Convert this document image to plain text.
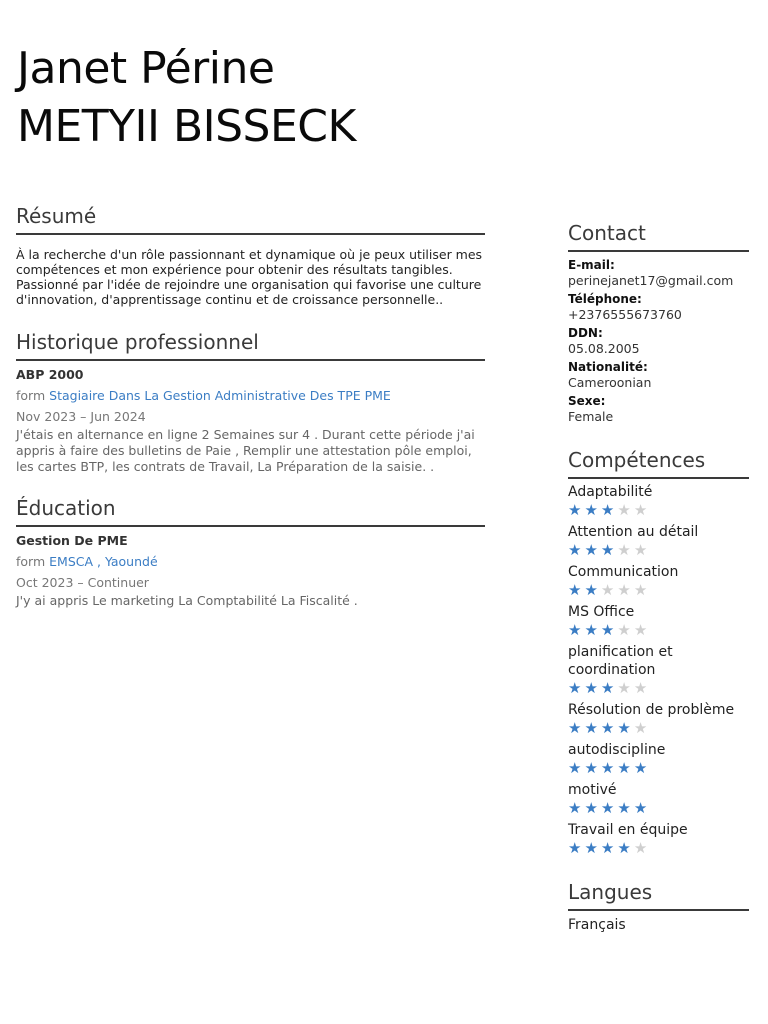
Janet Périne
METYII BISSECK
Résumé
À la recherche d'un rôle passionnant et dynamique où je peux utiliser mes compétences et mon expérience pour obtenir des résultats tangibles. Passionné par l'idée de rejoindre une organisation qui favorise une culture d'innovation, d'apprentissage continu et de croissance personnelle..
Historique professionnel
ABP 2000
form Stagiaire Dans La Gestion Administrative Des TPE PME
Nov 2023 – Jun 2024
J'étais en alternance en ligne 2 Semaines sur 4 . Durant cette période j'ai appris à faire des bulletins de Paie , Remplir une attestation pôle emploi, les cartes BTP, les contrats de Travail, La Préparation de la saisie. .
Éducation
Gestion De PME
form EMSCA , Yaoundé
Oct 2023 – Continuer
J'y ai appris Le marketing La Comptabilité La Fiscalité .
Contact
E-mail:
perinejanet17@gmail.com
Téléphone:
+2376555673760
DDN:
05.08.2005
Nationalité:
Cameroonian
Sexe:
Female
Compétences
Adaptabilité
★★★★★
Attention au détail
★★★★★
Communication
★★★★★
MS Office
★★★★★
planification et coordination
★★★★★
Résolution de problème
★★★★★
autodiscipline
★★★★★
motivé
★★★★★
Travail en équipe
★★★★★
Langues
Français
